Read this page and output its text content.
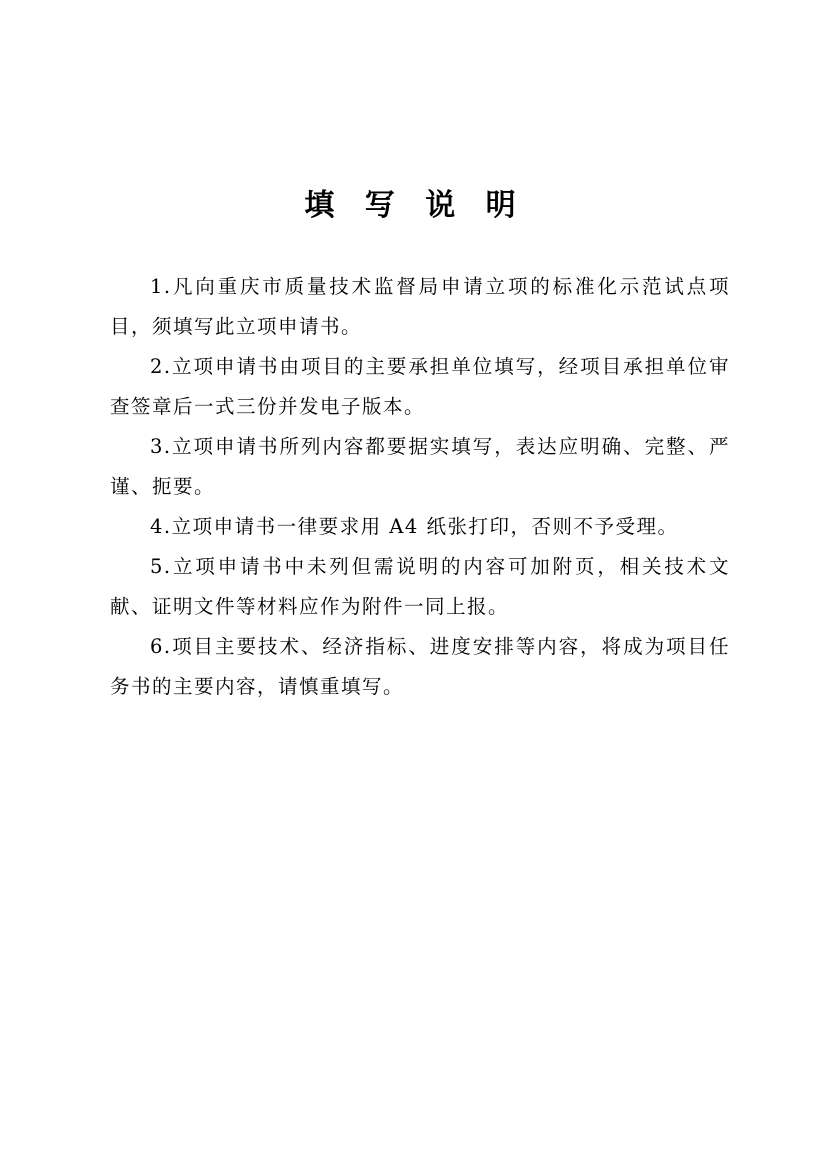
填 写 说 明

1.凡向重庆市质量技术监督局申请立项的标准化示范试点项目，须填写此立项申请书。

2.立项申请书由项目的主要承担单位填写，经项目承担单位审查签章后一式三份并发电子版本。

3.立项申请书所列内容都要据实填写，表达应明确、完整、严谨、扼要。

4.立项申请书一律要求用 A4 纸张打印，否则不予受理。

5.立项申请书中未列但需说明的内容可加附页，相关技术文献、证明文件等材料应作为附件一同上报。

6.项目主要技术、经济指标、进度安排等内容，将成为项目任务书的主要内容，请慎重填写。
